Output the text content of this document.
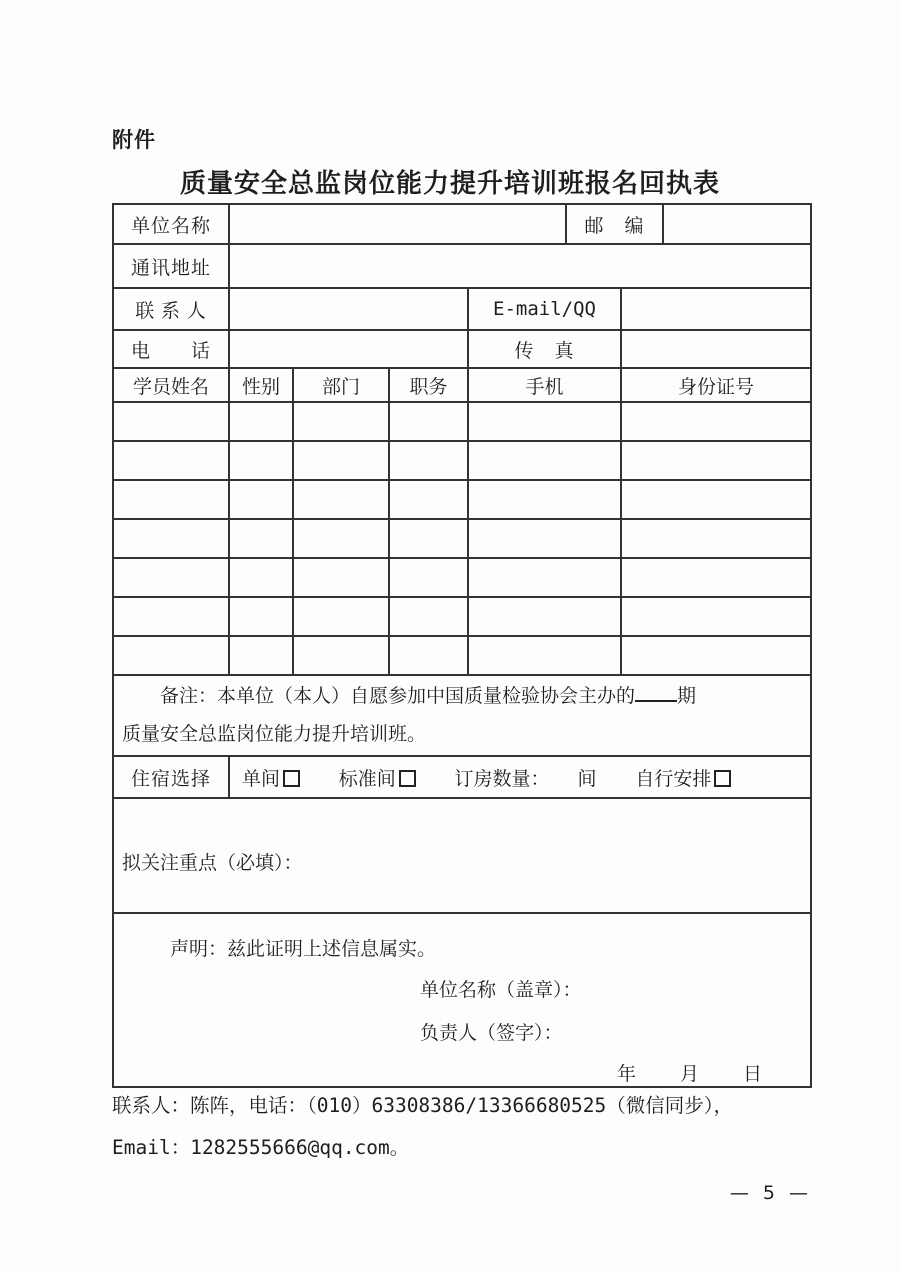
附件
质量安全总监岗位能力提升培训班报名回执表
单位名称					邮　编		
通讯地址							
联 系 人				E-mail/QQ			
电　　话				传　真			
学员姓名	性别	部门	职务	手机		身份证号	

备注：本单位（本人）自愿参加中国质量检验协会主办的 期
质量安全总监岗位能力提升培训班。							

住宿选择	单间 标准间 订房数量： 间 自行安排						

拟关注重点（必填）：							

声明：兹此证明上述信息属实。
单位名称（盖章）：
负责人（签字）：
年　　月　　日							
联系人：陈阵，电话：（010）63308386/13366680525（微信同步），
Email：1282555666@qq.com。
— 5 —
